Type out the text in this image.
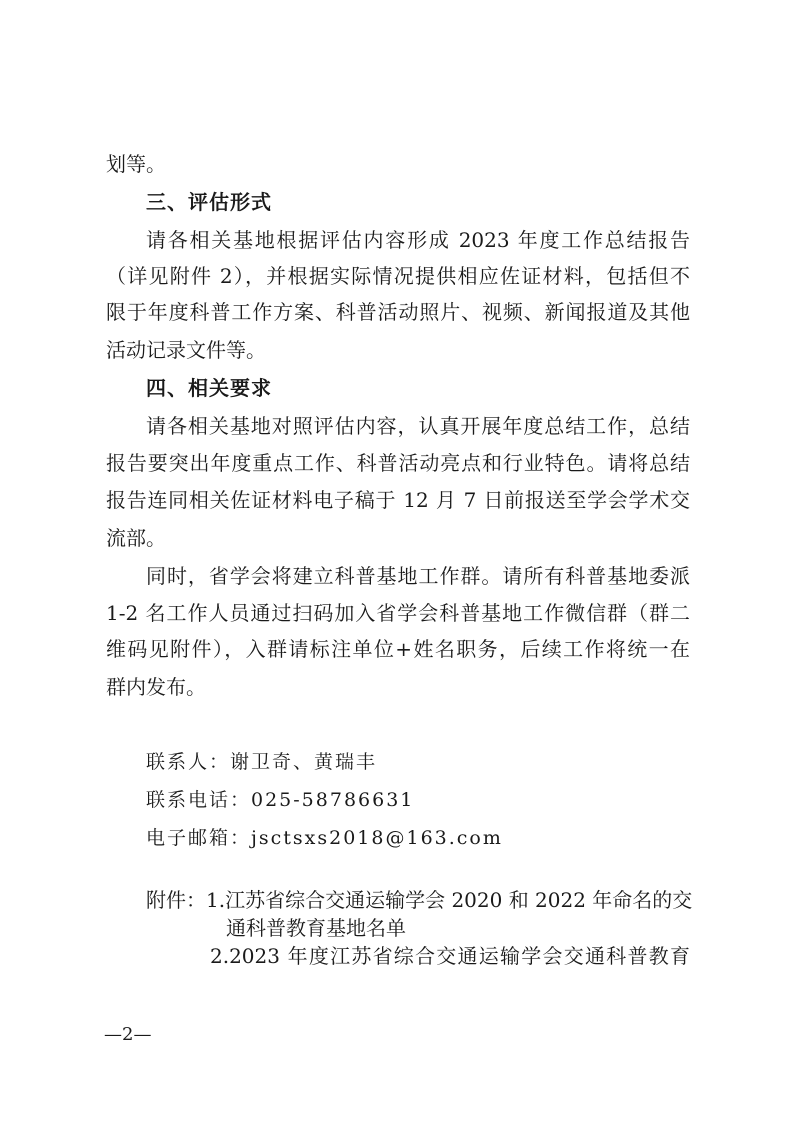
划等。
三、评估形式
请各相关基地根据评估内容形成 2023 年度工作总结报告
（详见附件 2），并根据实际情况提供相应佐证材料，包括但不
限于年度科普工作方案、科普活动照片、视频、新闻报道及其他
活动记录文件等。
四、相关要求
请各相关基地对照评估内容，认真开展年度总结工作，总结
报告要突出年度重点工作、科普活动亮点和行业特色。请将总结
报告连同相关佐证材料电子稿于 12 月 7 日前报送至学会学术交
流部。
同时，省学会将建立科普基地工作群。请所有科普基地委派
1-2 名工作人员通过扫码加入省学会科普基地工作微信群（群二
维码见附件），入群请标注单位+姓名职务，后续工作将统一在
群内发布。
联系人：谢卫奇、黄瑞丰
联系电话：025-58786631
电子邮箱：jsctsxs2018@163.com
附件：1.江苏省综合交通运输学会 2020 和 2022 年命名的交
通科普教育基地名单
2.2023 年度江苏省综合交通运输学会交通科普教育
—2—
